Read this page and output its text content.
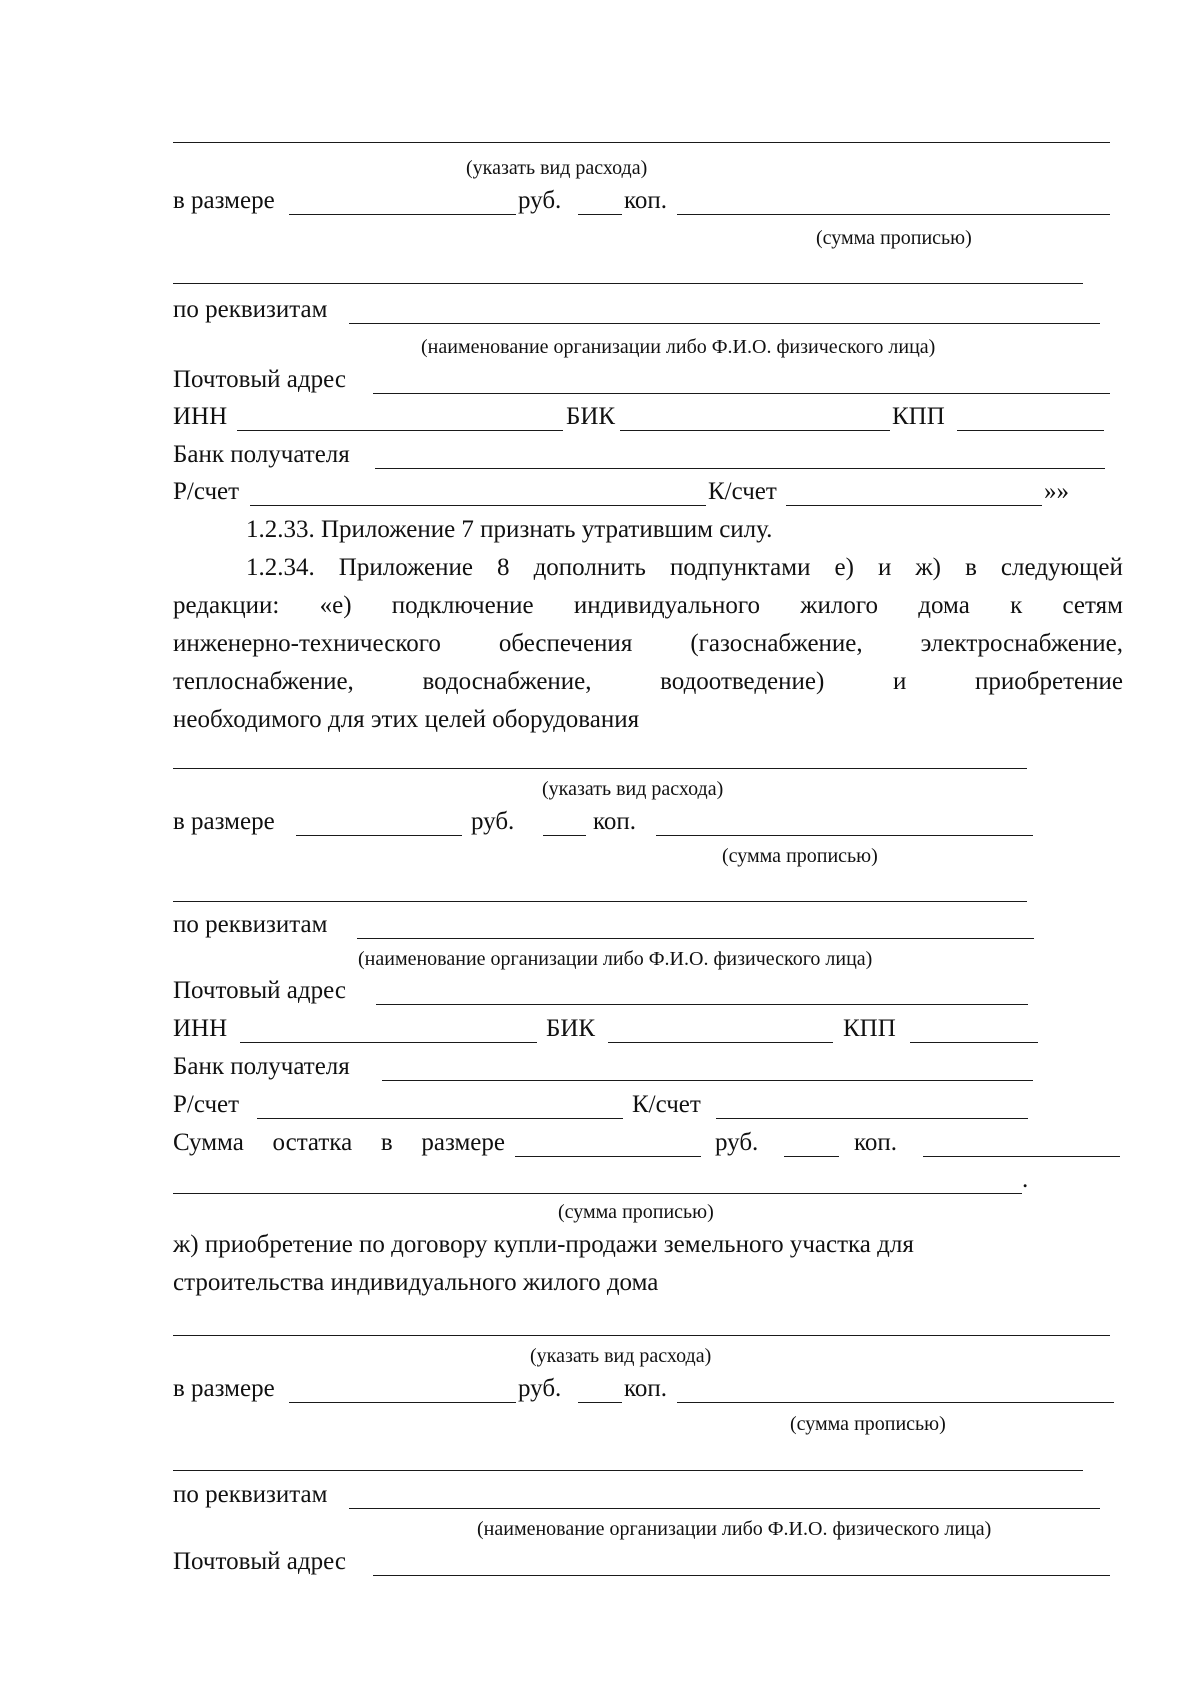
(указать вид расхода)
в размере	руб.	коп.
(сумма прописью)
по реквизитам
(наименование организации либо Ф.И.О. физического лица)
Почтовый адрес
ИНН	БИК	КПП
Банк получателя
Р/счет	К/счет	»»
1.2.33. Приложение 7 признать утратившим силу.
1.2.34. Приложение 8 дополнить подпунктами е) и ж) в следующей
редакции: «е) подключение индивидуального жилого дома к сетям
инженерно-технического обеспечения (газоснабжение, электроснабжение,
теплоснабжение,	водоснабжение,	водоотведение)	и	приобретение
необходимого для этих целей оборудования
(указать вид расхода)
в размере	руб.	коп.
(сумма прописью)
по реквизитам
(наименование организации либо Ф.И.О. физического лица)
Почтовый адрес
ИНН	БИК	КПП
Банк получателя
Р/счет	К/счет
Сумма остатка в размере	руб.	коп.
.
(сумма прописью)
ж) приобретение по договору купли-продажи земельного участка для
строительства индивидуального жилого дома
(указать вид расхода)
в размере	руб.	коп.
(сумма прописью)
по реквизитам
(наименование организации либо Ф.И.О. физического лица)
Почтовый адрес
